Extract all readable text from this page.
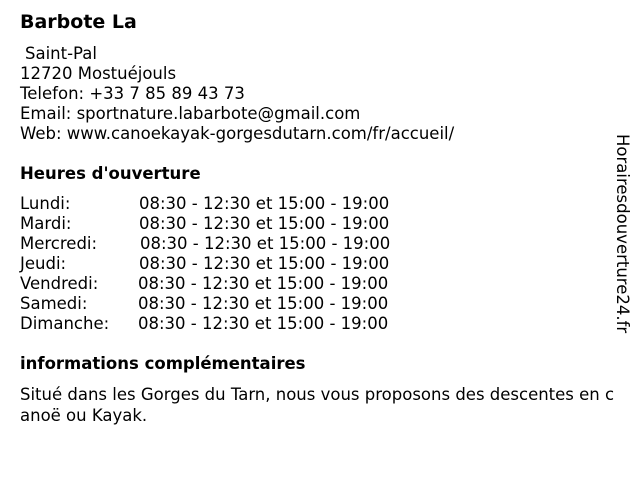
Barbote La
Saint-Pal
12720 Mostuéjouls
Telefon: +33 7 85 89 43 73
Email: sportnature.labarbote@gmail.com
Web: www.canoekayak-gorgesdutarn.com/fr/accueil/
Heures d'ouverture
Lundi:	08:30 - 12:30 et 15:00 - 19:00
Mardi:	08:30 - 12:30 et 15:00 - 19:00
Mercredi:	08:30 - 12:30 et 15:00 - 19:00
Jeudi:	08:30 - 12:30 et 15:00 - 19:00
Vendredi: 08:30 - 12:30 et 15:00 - 19:00
Samedi:	08:30 - 12:30 et 15:00 - 19:00
Dimanche: 08:30 - 12:30 et 15:00 - 19:00
informations complémentaires
Situé dans les Gorges du Tarn, nous vous proposons des descentes en canoë ou Kayak.
Horairesdouverture24.fr
